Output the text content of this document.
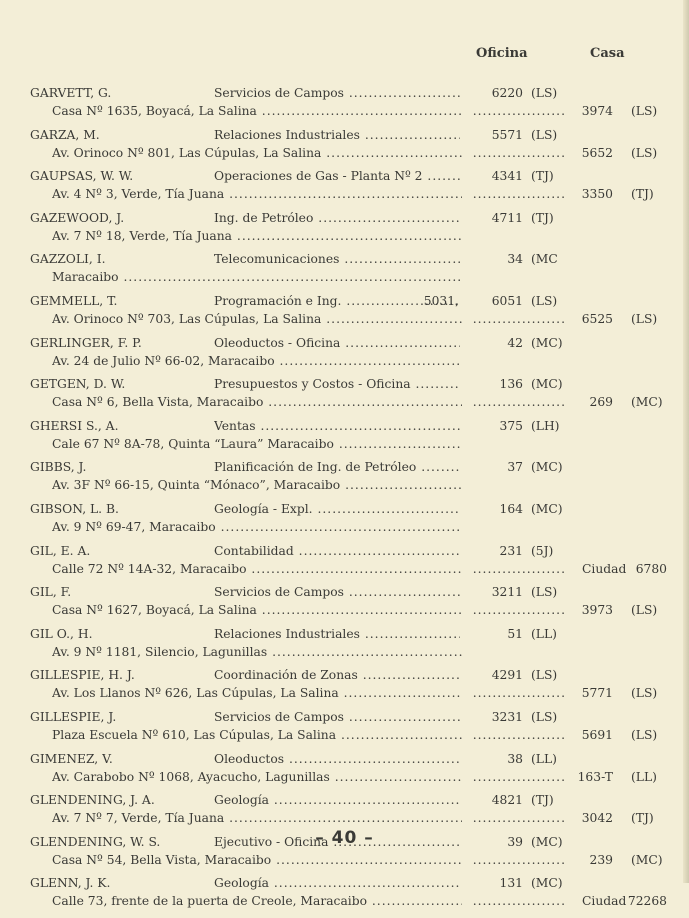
Oficina	Casa
GARVETT, G.	Servicios de Campos .....	6220 (LS)
Casa Nº 1635, Boyacá, La Salina ..... .....	3974 (LS)
GARZA, M.	Relaciones Industriales .....	5571 (LS)
Av. Orinoco Nº 801, Las Cúpulas, La Salina ..... .....	5652 (LS)
GAUPSAS, W. W.	Operaciones de Gas - Planta Nº 2 .....	4341 (TJ)
Av. 4 Nº 3, Verde, Tía Juana ..... .....	3350 (TJ)
GAZEWOOD, J.	Ing. de Petróleo .....	4711 (TJ)
Av. 7 Nº 18, Verde, Tía Juana .....
GAZZOLI, I.	Telecomunicaciones .....	34 (MC
Maracaibo .....
GEMMELL, T.	Programación e Ing. .....	5031,	6051 (LS)
Av. Orinoco Nº 703, Las Cúpulas, La Salina ..... .....	6525 (LS)
GERLINGER, F. P.	Oleoductos - Oficina .....	42 (MC)
Av. 24 de Julio Nº 66-02, Maracaibo .....
GETGEN, D. W.	Presupuestos y Costos - Oficina .....	136 (MC)
Casa Nº 6, Bella Vista, Maracaibo ..... .....	269 (MC)
GHERSI S., A.	Ventas .....	375 (LH)
Cale 67 Nº 8A-78, Quinta “Laura” Maracaibo .....
GIBBS, J.	Planificación de Ing. de Petróleo .....	37 (MC)
Av. 3F Nº 66-15, Quinta “Mónaco”, Maracaibo .....
GIBSON, L. B.	Geología - Expl. .....	164 (MC)
Av. 9 Nº 69-47, Maracaibo .....
GIL, E. A.	Contabilidad .....	231 (5J)
Calle 72 Nº 14A-32, Maracaibo ..... .....	Ciudad 6780
GIL, F.	Servicios de Campos .....	3211 (LS)
Casa Nº 1627, Boyacá, La Salina ..... .....	3973 (LS)
GIL O., H.	Relaciones Industriales .....	51 (LL)
Av. 9 Nº 1181, Silencio, Lagunillas .....
GILLESPIE, H. J.	Coordinación de Zonas .....	4291 (LS)
Av. Los Llanos Nº 626, Las Cúpulas, La Salina ..... .....	5771 (LS)
GILLESPIE, J.	Servicios de Campos .....	3231 (LS)
Plaza Escuela Nº 610, Las Cúpulas, La Salina ..... .....	5691 (LS)
GIMENEZ, V.	Oleoductos .....	38 (LL)
Av. Carabobo Nº 1068, Ayacucho, Lagunillas ..... .....	163-T (LL)
GLENDENING, J. A.	Geología .....	4821 (TJ)
Av. 7 Nº 7, Verde, Tía Juana ..... .....	3042 (TJ)
GLENDENING, W. S.	Ejecutivo - Oficina .....	39 (MC)
Casa Nº 54, Bella Vista, Maracaibo ..... .....	239 (MC)
GLENN, J. K.	Geología .....	131 (MC)
Calle 73, frente de la puerta de Creole, Maracaibo ..... .....	Ciudad 72268
– 40 –
